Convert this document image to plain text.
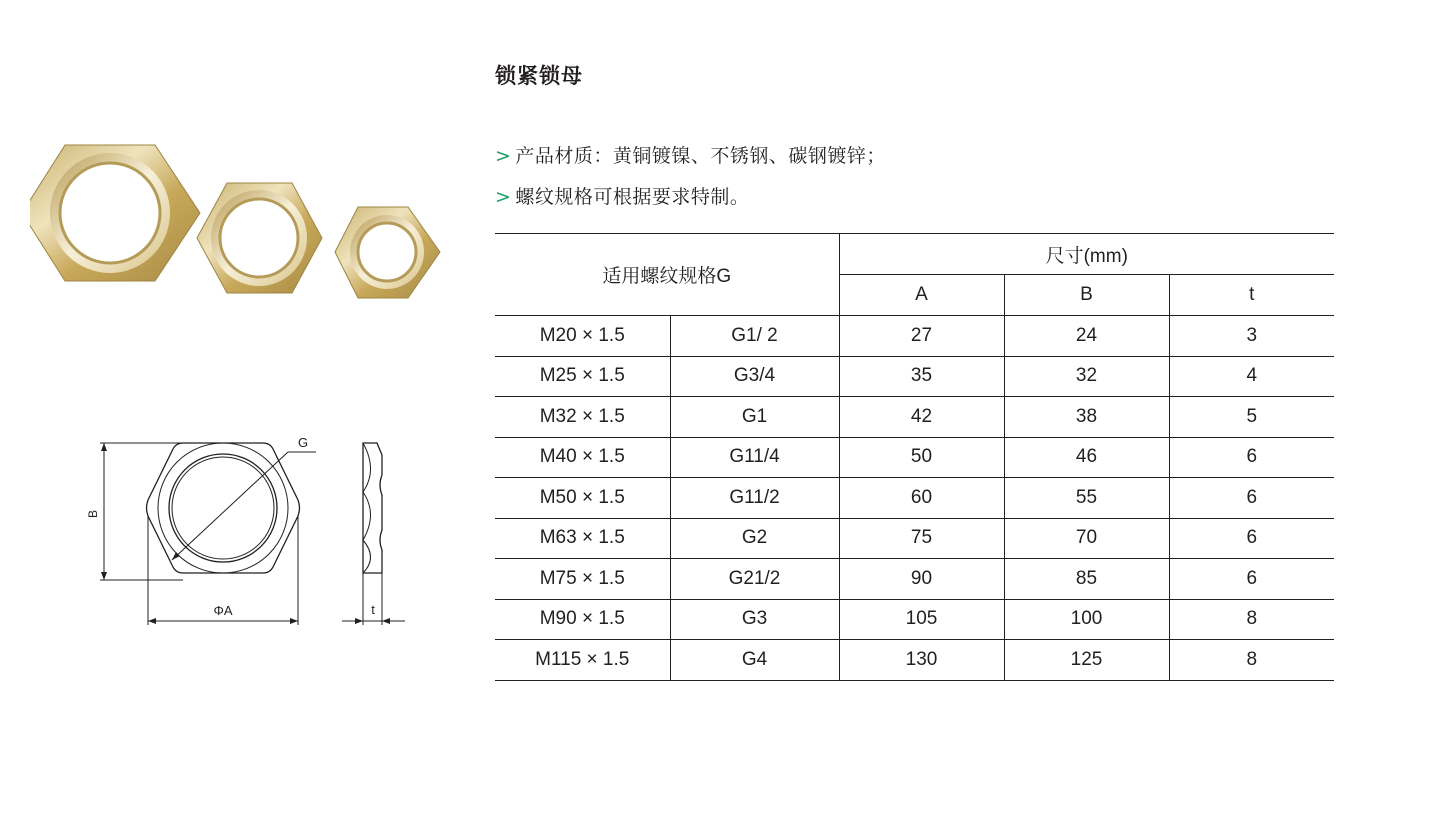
锁紧锁母
> 产品材质：黄铜镀镍、不锈钢、碳钢镀锌；
> 螺纹规格可根据要求特制。
G
B
ΦA	t
适用螺纹规格G		尺寸(mm)		
		A	B	t
M20 × 1.5	G1/ 2	27	24	3
M25 × 1.5	G3/4	35	32	4
M32 × 1.5	G1	42	38	5
M40 × 1.5	G11/4	50	46	6
M50 × 1.5	G11/2	60	55	6
M63 × 1.5	G2	75	70	6
M75 × 1.5	G21/2	90	85	6
M90 × 1.5	G3	105	100	8
M115 × 1.5	G4	130	125	8
